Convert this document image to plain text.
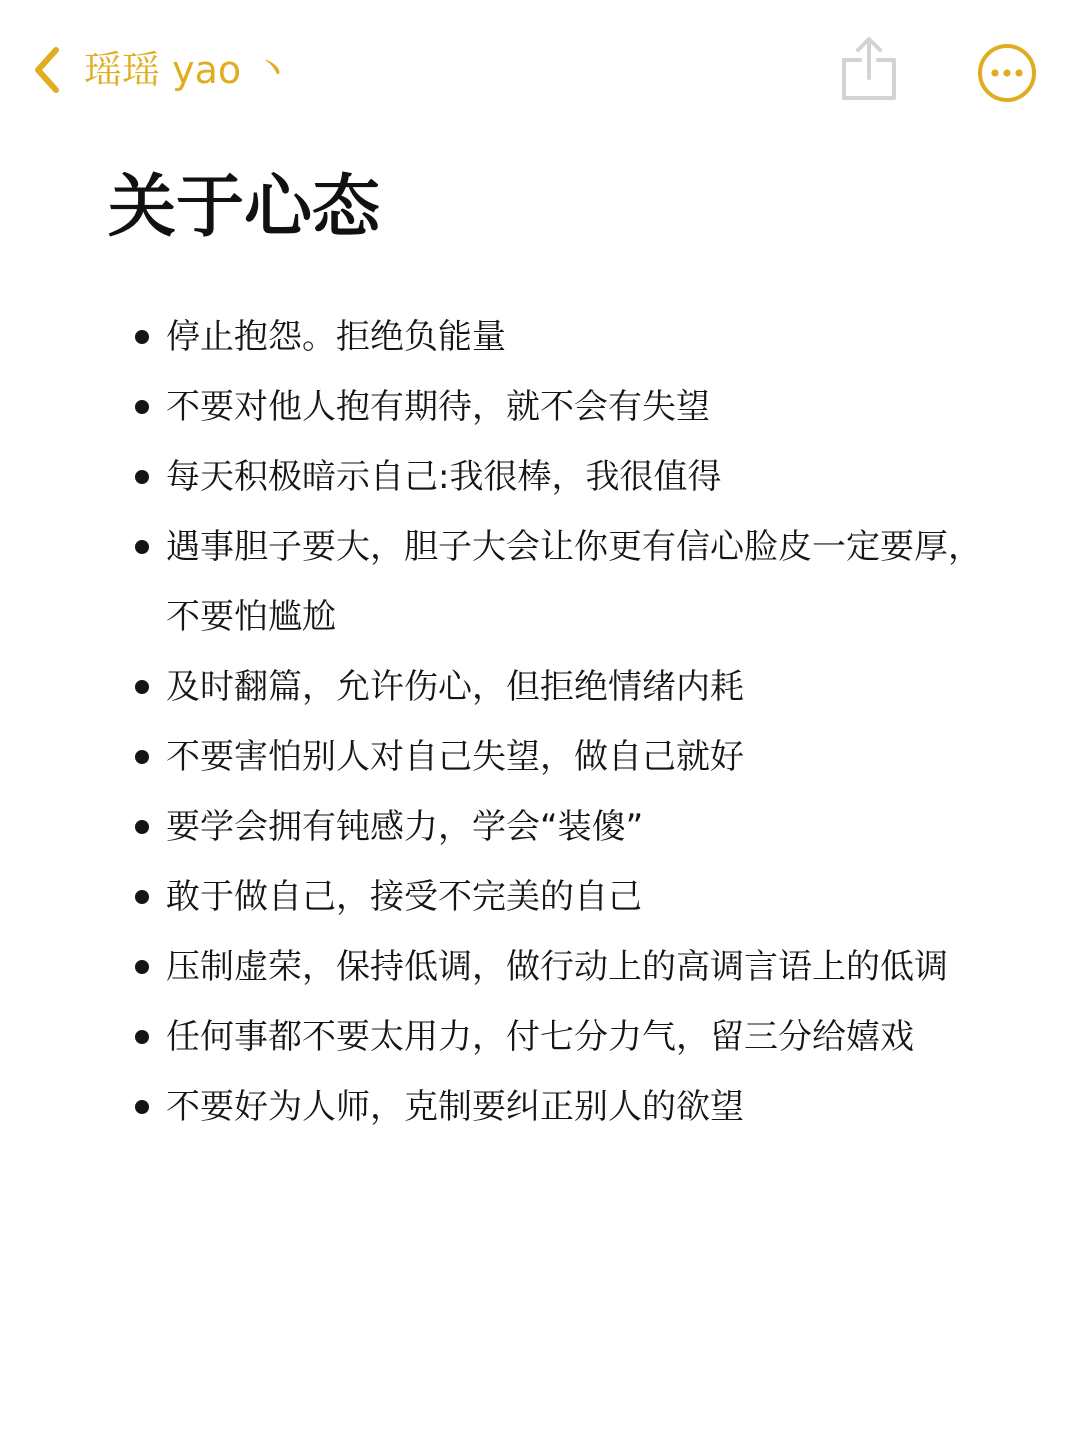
瑶瑶 yao 丶
关于心态
停止抱怨。拒绝负能量
不要对他人抱有期待，就不会有失望
每天积极暗示自己:我很棒，我很值得
遇事胆子要大，胆子大会让你更有信心脸皮一定要厚，不要怕尴尬
及时翻篇，允许伤心，但拒绝情绪内耗
不要害怕别人对自己失望，做自己就好
要学会拥有钝感力，学会“装傻”
敢于做自己，接受不完美的自己
压制虚荣，保持低调，做行动上的高调言语上的低调
任何事都不要太用力，付七分力气，留三分给嬉戏
不要好为人师，克制要纠正别人的欲望
